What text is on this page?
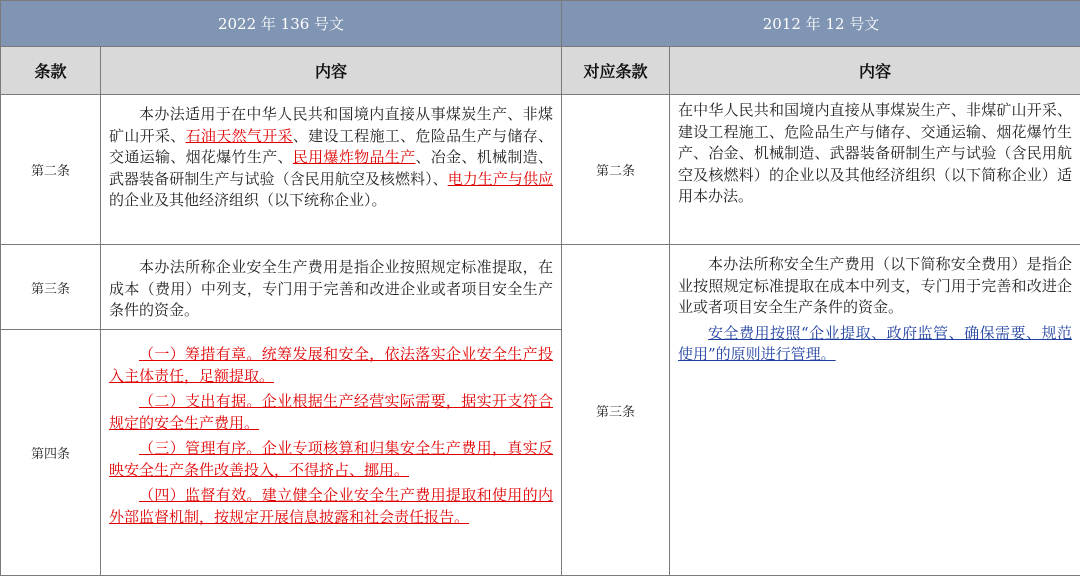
2022 年 136 号文		2012 年 12 号文	
条款	内容	对应条款	内容
第二条	本办法适用于在中华人民共和国境内直接从事煤炭生产、非煤矿山开采、石油天然气开采、建设工程施工、危险品生产与储存、交通运输、烟花爆竹生产、民用爆炸物品生产、冶金、机械制造、武器装备研制生产与试验（含民用航空及核燃料）、电力生产与供应的企业及其他经济组织（以下统称企业）。	第二条	在中华人民共和国境内直接从事煤炭生产、非煤矿山开采、建设工程施工、危险品生产与储存、交通运输、烟花爆竹生产、冶金、机械制造、武器装备研制生产与试验（含民用航空及核燃料）的企业以及其他经济组织（以下简称企业）适用本办法。

第三条	本办法所称企业安全生产费用是指企业按照规定标准提取，在成本（费用）中列支，专门用于完善和改进企业或者项目安全生产条件的资金。	第三条	本办法所称安全生产费用（以下简称安全费用）是指企业按照规定标准提取在成本中列支，专门用于完善和改进企业或者项目安全生产条件的资金。

安全费用按照“企业提取、政府监管、确保需要、规范使用”的原则进行管理。

第四条	（一）筹措有章。统筹发展和安全，依法落实企业安全生产投入主体责任，足额提取。

（二）支出有据。企业根据生产经营实际需要，据实开支符合规定的安全生产费用。

（三）管理有序。企业专项核算和归集安全生产费用，真实反映安全生产条件改善投入，不得挤占、挪用。

（四）监督有效。建立健全企业安全生产费用提取和使用的内外部监督机制，按规定开展信息披露和社会责任报告。		
